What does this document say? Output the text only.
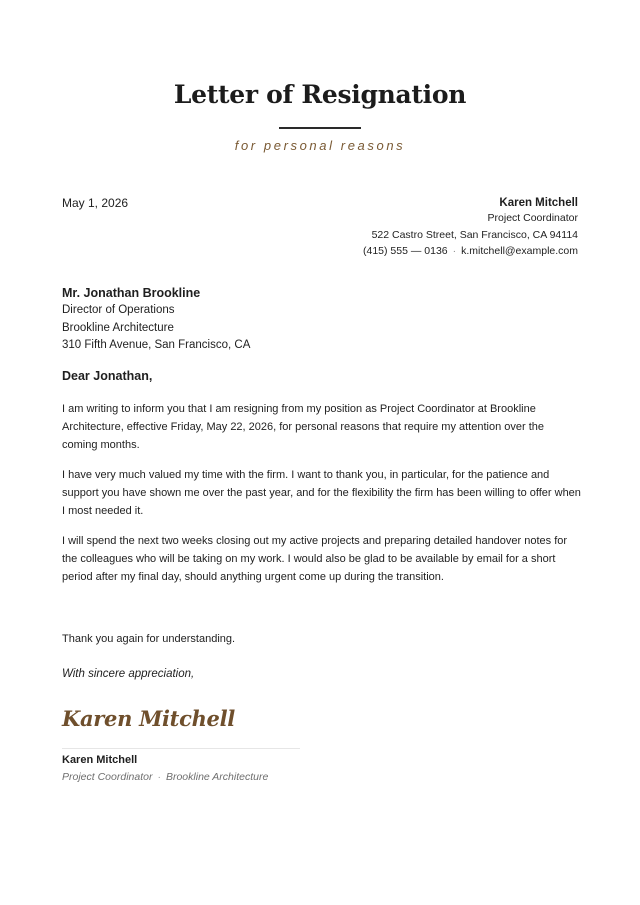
Letter of Resignation
for personal reasons
May 1, 2026	Karen Mitchell
Project Coordinator
522 Castro Street, San Francisco, CA 94114
(415) 555 — 0136 · k.mitchell@example.com
Mr. Jonathan Brookline
Director of Operations
Brookline Architecture
310 Fifth Avenue, San Francisco, CA
Dear Jonathan,
I am writing to inform you that I am resigning from my position as Project Coordinator at Brookline Architecture, effective Friday, May 22, 2026, for personal reasons that require my attention over the coming months.
I have very much valued my time with the firm. I want to thank you, in particular, for the patience and support you have shown me over the past year, and for the flexibility the firm has been willing to offer when I most needed it.
I will spend the next two weeks closing out my active projects and preparing detailed handover notes for the colleagues who will be taking on my work. I would also be glad to be available by email for a short period after my final day, should anything urgent come up during the transition.
Thank you again for understanding.
With sincere appreciation,
Karen Mitchell
Karen Mitchell
Project Coordinator · Brookline Architecture
